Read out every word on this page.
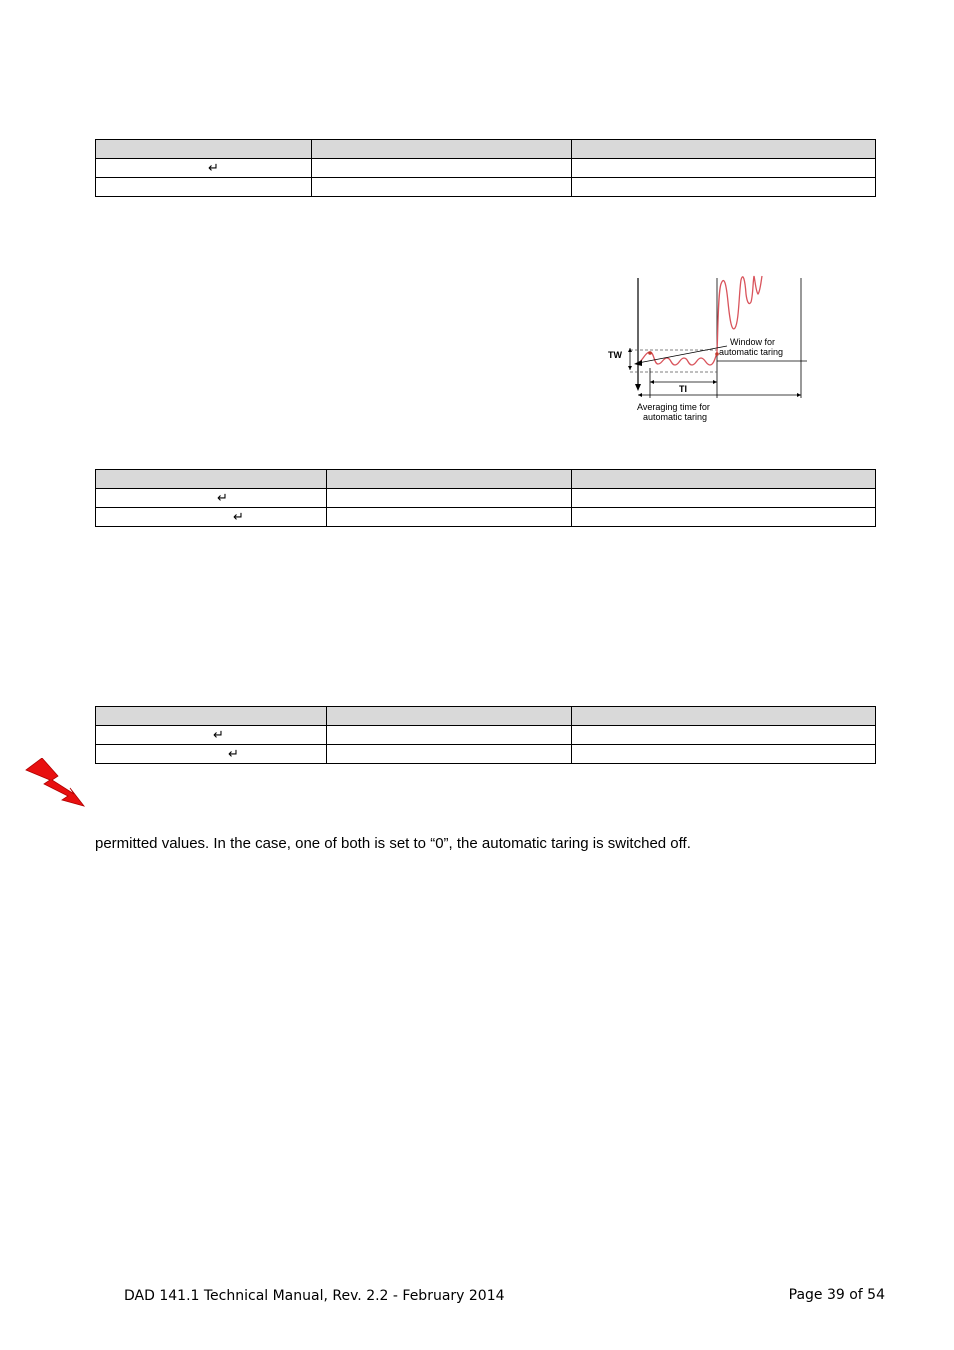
↵		

TW
Window for
automatic taring
TI
Averaging time for
automatic taring

↵		
↵		

↵		
↵		
permitted values. In the case, one of both is set to “0”, the automatic taring is switched off.
DAD 141.1 Technical Manual, Rev. 2.2 - February 2014	Page 39 of 54
